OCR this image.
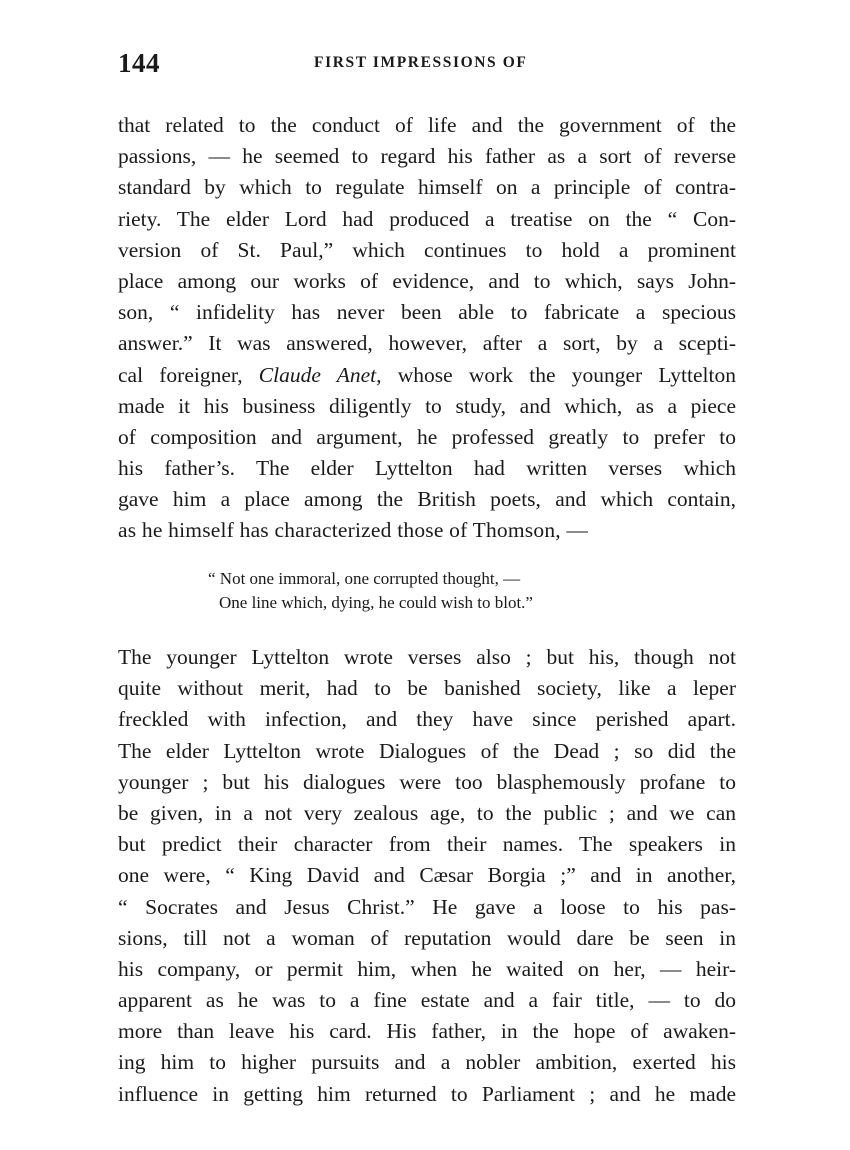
144	FIRST IMPRESSIONS OF
that related to the conduct of life and the government of the
passions, — he seemed to regard his father as a sort of reverse
standard by which to regulate himself on a principle of contra-
riety. The elder Lord had produced a treatise on the “ Con-
version of St. Paul,” which continues to hold a prominent
place among our works of evidence, and to which, says John-
son, “ infidelity has never been able to fabricate a specious
answer.” It was answered, however, after a sort, by a scepti-
cal foreigner, Claude Anet, whose work the younger Lyttelton
made it his business diligently to study, and which, as a piece
of composition and argument, he professed greatly to prefer to
his father’s. The elder Lyttelton had written verses which
gave him a place among the British poets, and which contain,
as he himself has characterized those of Thomson, —
“ Not one immoral, one corrupted thought, —
One line which, dying, he could wish to blot.”
The younger Lyttelton wrote verses also ; but his, though not
quite without merit, had to be banished society, like a leper
freckled with infection, and they have since perished apart.
The elder Lyttelton wrote Dialogues of the Dead ; so did the
younger ; but his dialogues were too blasphemously profane to
be given, in a not very zealous age, to the public ; and we can
but predict their character from their names. The speakers in
one were, “ King David and Cæsar Borgia ;” and in another,
“ Socrates and Jesus Christ.” He gave a loose to his pas-
sions, till not a woman of reputation would dare be seen in
his company, or permit him, when he waited on her, — heir-
apparent as he was to a fine estate and a fair title, — to do
more than leave his card. His father, in the hope of awaken-
ing him to higher pursuits and a nobler ambition, exerted his
influence in getting him returned to Parliament ; and he made
